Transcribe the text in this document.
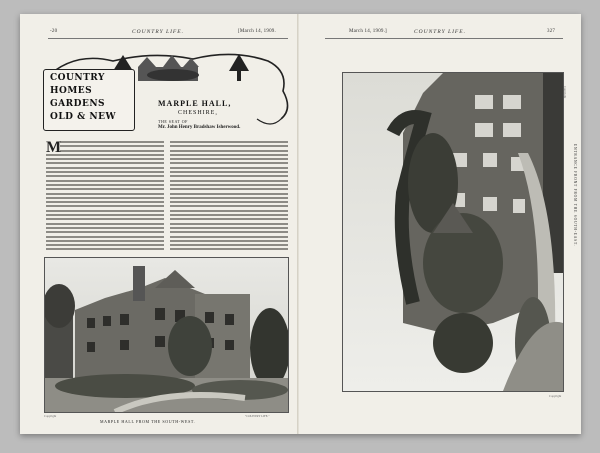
-20	COUNTRY LIFE.	[March 14, 1909.
COUNTRY
HOMES
GARDENS
OLD & NEW
MARPLE HALL,
CHESHIRE,
THE SEAT OF
Mr. John Henry Bradshaw Isherwood.
M
Copyright
MARPLE HALL FROM THE SOUTH-WEST.
"COUNTRY LIFE."
March 14, 1909.]	COUNTRY LIFE.	327
Copyright
ENTRANCE FRONT FROM THE SOUTH-EAST.
Copyright
